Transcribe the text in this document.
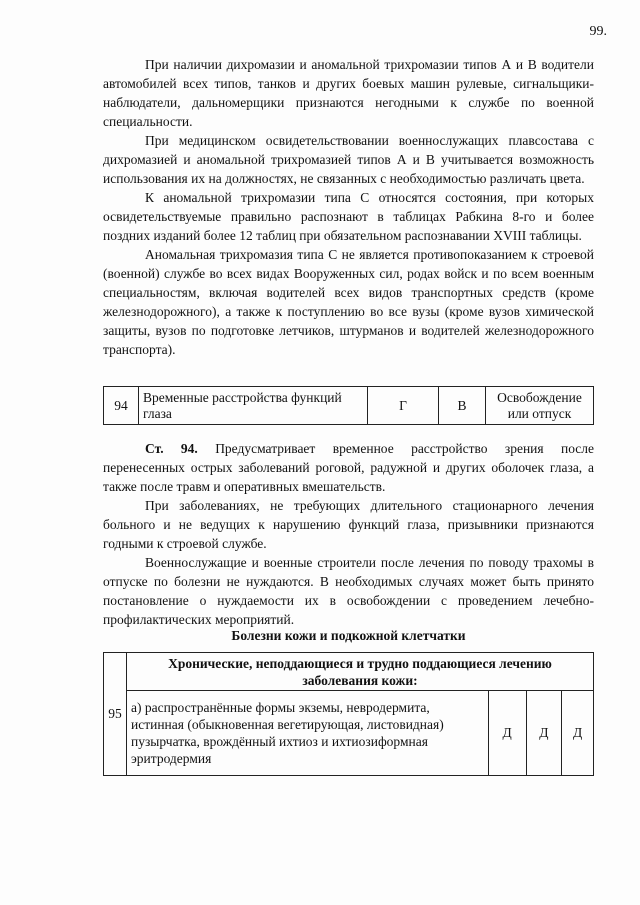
99.

При наличии дихромазии и аномальной трихромазии типов А и В водители автомобилей всех типов, танков и других боевых машин рулевые, сигнальщики-наблюдатели, дальномерщики признаются негодными к службе по военной специальности.

При медицинском освидетельствовании военнослужащих плавсостава с дихромазией и аномальной трихромазией типов А и В учитывается возможность использования их на должностях, не связанных с необходимостью различать цвета.

К аномальной трихромазии типа С относятся состояния, при которых освидетельствуемые правильно распознают в таблицах Рабкина 8-го и более поздних изданий более 12 таблиц при обязательном распознавании XVIII таблицы.

Аномальная трихромазия типа С не является противопоказанием к строевой (военной) службе во всех видах Вооруженных сил, родах войск и по всем военным специальностям, включая водителей всех видов транспортных средств (кроме железнодорожного), а также к поступлению во все вузы (кроме вузов химической защиты, вузов по подготовке летчиков, штурманов и водителей железнодорожного транспорта).

94	Временные расстройства функций глаза	Г	В	Освобождение или отпуск

Ст. 94. Предусматривает временное расстройство зрения после перенесенных острых заболеваний роговой, радужной и других оболочек глаза, а также после травм и оперативных вмешательств.

При заболеваниях, не требующих длительного стационарного лечения больного и не ведущих к нарушению функций глаза, призывники признаются годными к строевой службе.

Военнослужащие и военные строители после лечения по поводу трахомы в отпуске по болезни не нуждаются. В необходимых случаях может быть принято постановление о нуждаемости их в освобождении с проведением лечебно-профилактических мероприятий.

Болезни кожи и подкожной клетчатки
95	Хронические, неподдающиеся и трудно поддающиеся лечению заболевания кожи:			
	а) распространённые формы экземы, невродермита, истинная (обыкновенная вегетирующая, листовидная) пузырчатка, врождённый ихтиоз и ихтиозиформная эритродермия	Д	Д	Д
